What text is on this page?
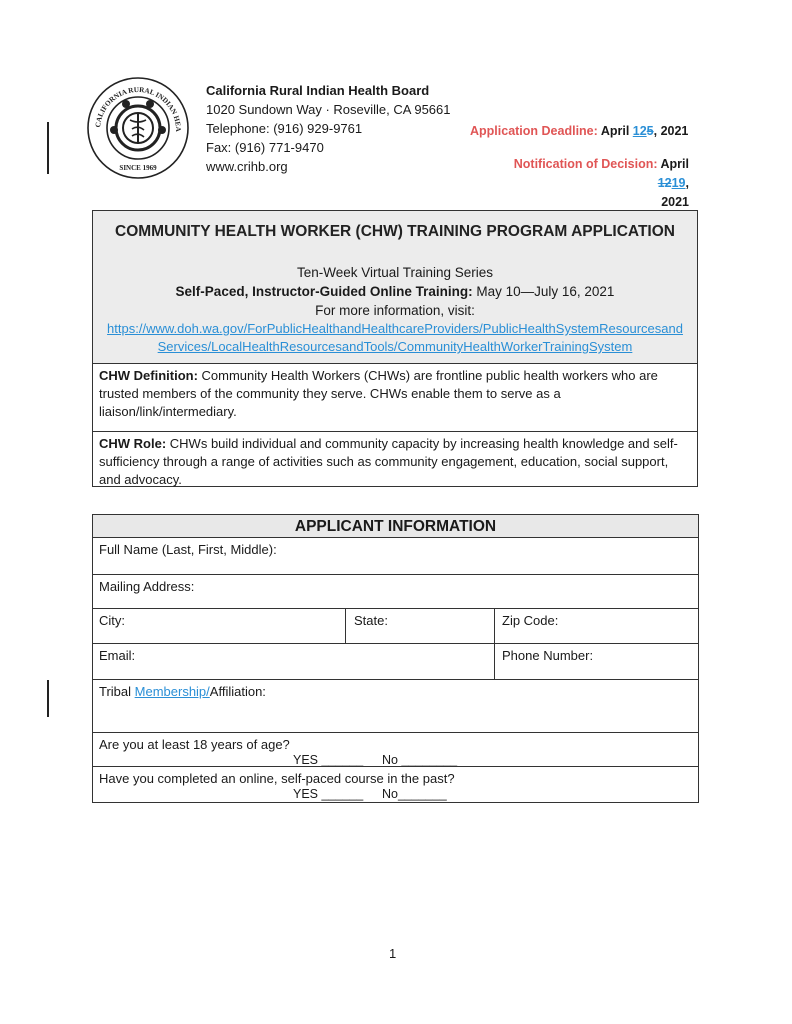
CALIFORNIA RURAL INDIAN HEA
SINCE 1969
California Rural Indian Health Board
1020 Sundown Way · Roseville, CA 95661
Telephone: (916) 929-9761
Fax: (916) 771-9470
www.crihb.org
Application Deadline: April 125, 2021
Notification of Decision: April 1219,
2021
COMMUNITY HEALTH WORKER (CHW) TRAINING PROGRAM APPLICATION
Ten-Week Virtual Training Series
Self-Paced, Instructor-Guided Online Training: May 10—July 16, 2021
For more information, visit:
https://www.doh.wa.gov/ForPublicHealthandHealthcareProviders/PublicHealthSystemResourcesand
Services/LocalHealthResourcesandTools/CommunityHealthWorkerTrainingSystem
CHW Definition: Community Health Workers (CHWs) are frontline public health workers who are trusted members of the community they serve. CHWs enable them to serve as a liaison/link/intermediary.
CHW Role: CHWs build individual and community capacity by increasing health knowledge and self-sufficiency through a range of activities such as community engagement, education, social support, and advocacy.
APPLICANT INFORMATION
Full Name (Last, First, Middle):
Mailing Address:
City:	State:	Zip Code:
Email:	Phone Number:
Tribal Membership/Affiliation:
Are you at least 18 years of age?
YES ______ No ________
Have you completed an online, self-paced course in the past?
YES ______ No_______
1
